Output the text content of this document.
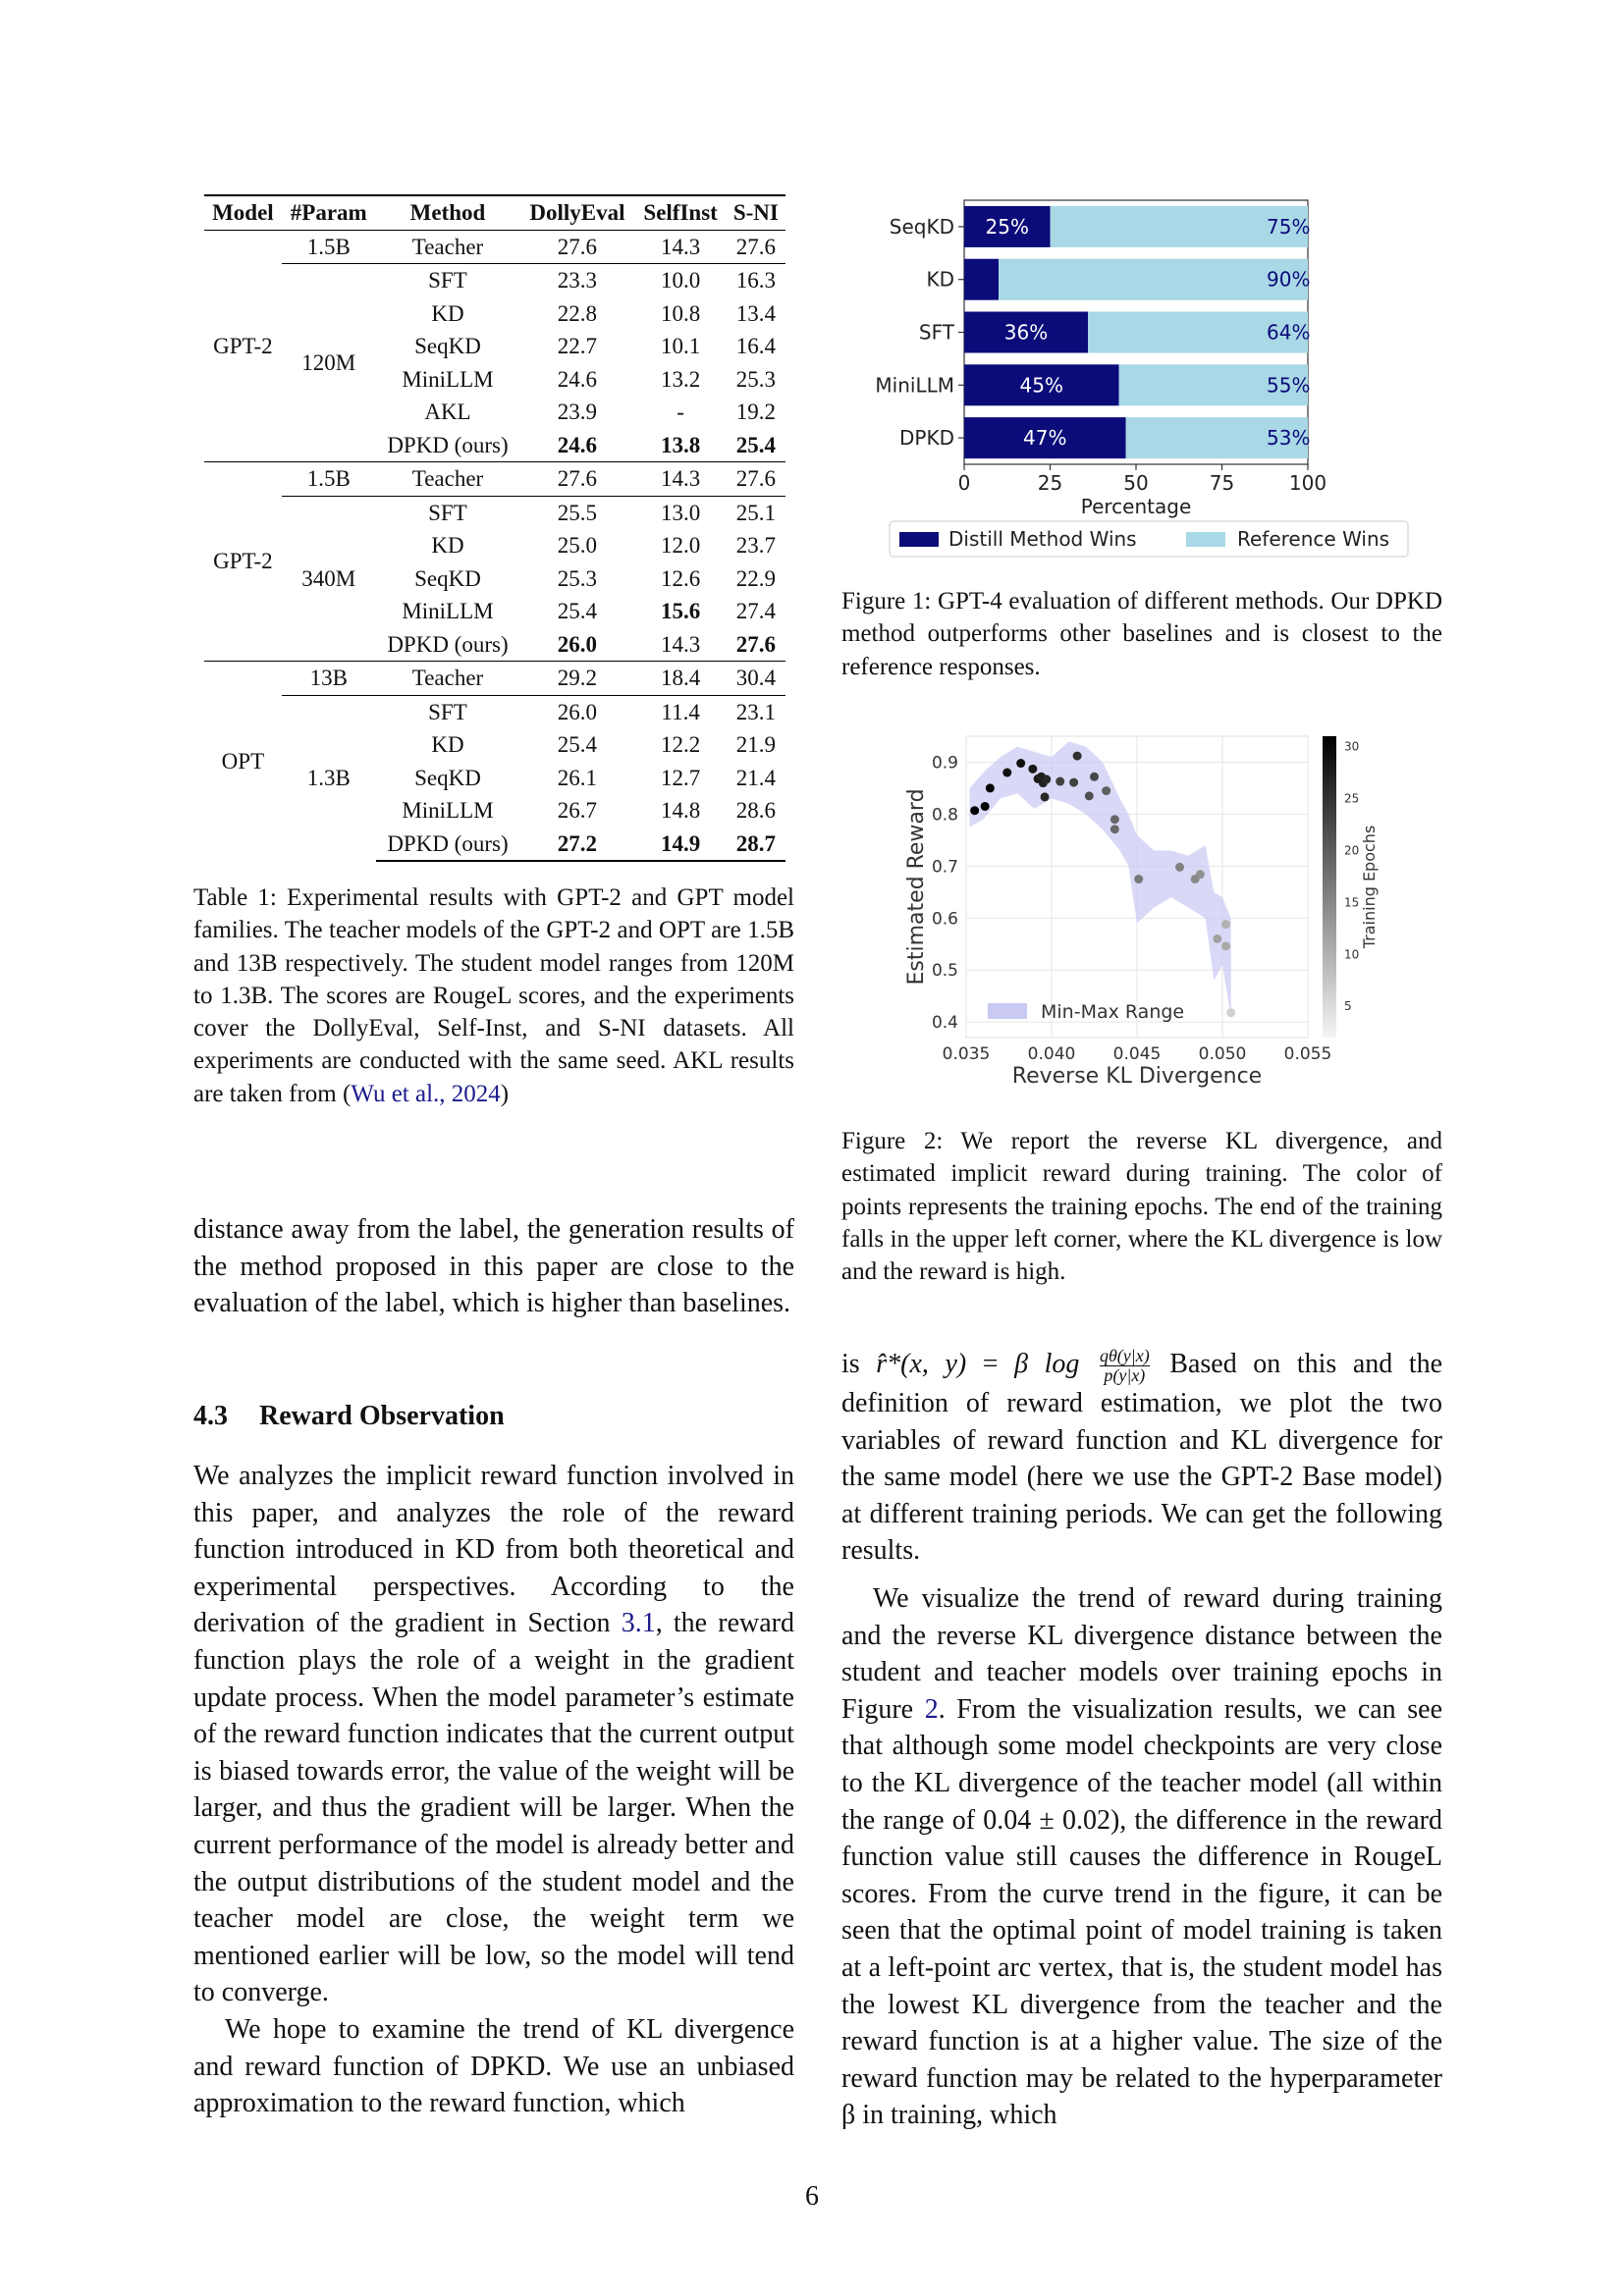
Model	#Param	Method	DollyEval	SelfInst	S-NI
GPT-2	1.5B	Teacher	27.6	14.3	27.6
	120M	SFT	23.3	10.0	16.3
		KD	22.8	10.8	13.4
		SeqKD	22.7	10.1	16.4
		MiniLLM	24.6	13.2	25.3
		AKL	23.9	-	19.2
		DPKD (ours)	24.6	13.8	25.4
GPT-2	1.5B	Teacher	27.6	14.3	27.6
	340M	SFT	25.5	13.0	25.1
		KD	25.0	12.0	23.7
		SeqKD	25.3	12.6	22.9
		MiniLLM	25.4	15.6	27.4
		DPKD (ours)	26.0	14.3	27.6
OPT	13B	Teacher	29.2	18.4	30.4
	1.3B	SFT	26.0	11.4	23.1
		KD	25.4	12.2	21.9
		SeqKD	26.1	12.7	21.4
		MiniLLM	26.7	14.8	28.6
		DPKD (ours)	27.2	14.9	28.7
Table 1: Experimental results with GPT-2 and GPT model families. The teacher models of the GPT-2 and OPT are 1.5B and 13B respectively. The student model ranges from 120M to 1.3B. The scores are RougeL scores, and the experiments cover the DollyEval, Self-Inst, and S-NI datasets. All experiments are conducted with the same seed. AKL results are taken from (Wu et al., 2024)
25%	75%
SeqKD
90%
KD
36%	64%
SFT
45%	55%
MiniLLM
47%	53%
DPKD
0	25	50	75	100
Percentage
Distill Method Wins	Reference Wins
Figure 1: GPT-4 evaluation of different methods. Our DPKD method outperforms other baselines and is closest to the reference responses.
0.035 0.040 0.045 0.050 0.055
0.4
0.5
0.6
0.7
0.8
0.9
Reverse KL Divergence
Estimated Reward
Min-Max Range	5
10
15
20
25
30
Training Epochs
Figure 2: We report the reverse KL divergence, and estimated implicit reward during training. The color of points represents the training epochs. The end of the training falls in the upper left corner, where the KL divergence is low and the reward is high.
distance away from the label, the generation results of the method proposed in this paper are close to the evaluation of the label, which is higher than baselines.
4.3 Reward Observation
We analyzes the implicit reward function involved in this paper, and analyzes the role of the reward function introduced in KD from both theoretical and experimental perspectives. According to the derivation of the gradient in Section 3.1, the reward function plays the role of a weight in the gradient update process. When the model parameter’s estimate of the reward function indicates that the current output is biased towards error, the value of the weight will be larger, and thus the gradient will be larger. When the current performance of the model is already better and the output distributions of the student model and the teacher model are close, the weight term we mentioned earlier will be low, so the model will tend to converge.
We hope to examine the trend of KL divergence and reward function of DPKD. We use an unbiased approximation to the reward function, which
is r̂*(x, y) = β $\log \frac{q\theta(y|x)}{p(y|x)}$ Based on this and the definition of reward estimation, we plot the two variables of reward function and KL divergence for the same model (here we use the GPT-2 Base model) at different training periods. We can get the following results.
We visualize the trend of reward during training and the reverse KL divergence distance between the student and teacher models over training epochs in Figure 2. From the visualization results, we can see that although some model checkpoints are very close to the KL divergence of the teacher model (all within the range of 0.04 ± 0.02), the difference in the reward function value still causes the difference in RougeL scores. From the curve trend in the figure, it can be seen that the optimal point of model training is taken at a left-point arc vertex, that is, the student model has the lowest KL divergence from the teacher and the reward function is at a higher value. The size of the reward function may be related to the hyperparameter β in training, which
6
